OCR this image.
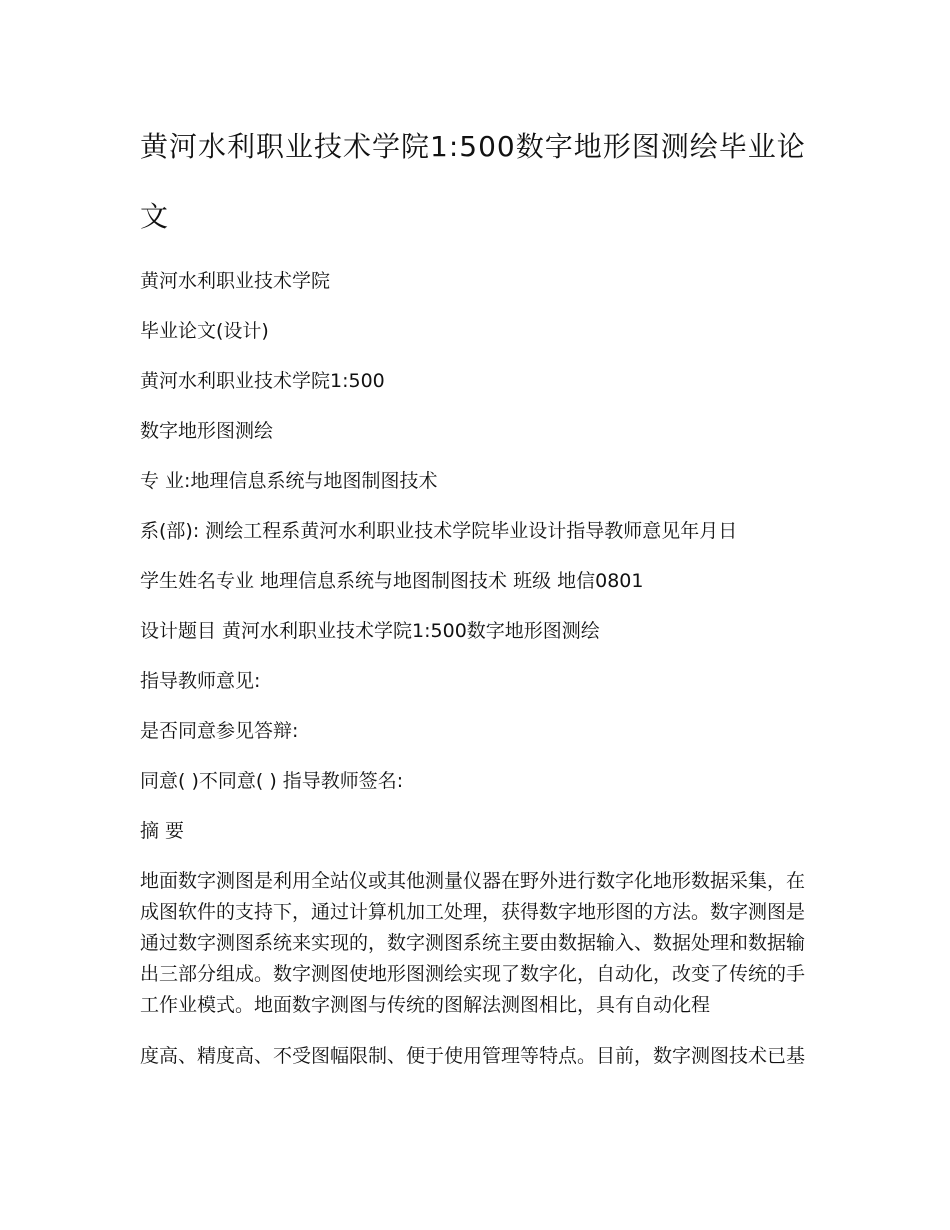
黄河水利职业技术学院1:500数字地形图测绘毕业论文

黄河水利职业技术学院

毕业论文(设计)

黄河水利职业技术学院1:500

数字地形图测绘

专 业:地理信息系统与地图制图技术

系(部): 测绘工程系黄河水利职业技术学院毕业设计指导教师意见年月日

学生姓名专业 地理信息系统与地图制图技术 班级 地信0801

设计题目 黄河水利职业技术学院1:500数字地形图测绘

指导教师意见:

是否同意参见答辩:

同意( )不同意( ) 指导教师签名:

摘 要

地面数字测图是利用全站仪或其他测量仪器在野外进行数字化地形数据采集，在成图软件的支持下，通过计算机加工处理，获得数字地形图的方法。数字测图是通过数字测图系统来实现的，数字测图系统主要由数据输入、数据处理和数据输出三部分组成。数字测图使地形图测绘实现了数字化，自动化，改变了传统的手工作业模式。地面数字测图与传统的图解法测图相比，具有自动化程

度高、精度高、不受图幅限制、便于使用管理等特点。目前，数字测图技术已基
